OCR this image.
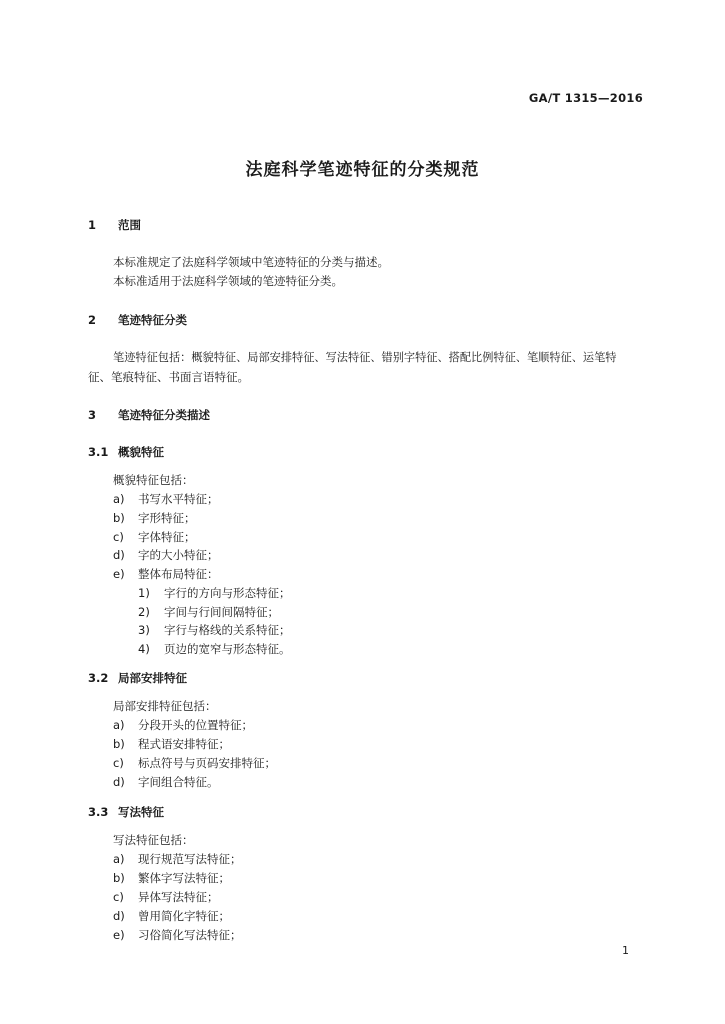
GA/T 1315—2016
法庭科学笔迹特征的分类规范
1 范围
本标准规定了法庭科学领域中笔迹特征的分类与描述。
本标准适用于法庭科学领域的笔迹特征分类。
2 笔迹特征分类
笔迹特征包括：概貌特征、局部安排特征、写法特征、错别字特征、搭配比例特征、笔顺特征、运笔特
征、笔痕特征、书面言语特征。
3 笔迹特征分类描述
3.1 概貌特征
概貌特征包括：
a) 书写水平特征；
b) 字形特征；
c) 字体特征；
d) 字的大小特征；
e) 整体布局特征：
1) 字行的方向与形态特征；
2) 字间与行间间隔特征；
3) 字行与格线的关系特征；
4) 页边的宽窄与形态特征。
3.2 局部安排特征
局部安排特征包括：
a) 分段开头的位置特征；
b) 程式语安排特征；
c) 标点符号与页码安排特征；
d) 字间组合特征。
3.3 写法特征
写法特征包括：
a) 现行规范写法特征；
b) 繁体字写法特征；
c) 异体写法特征；
d) 曾用简化字特征；
e) 习俗简化写法特征；
1
